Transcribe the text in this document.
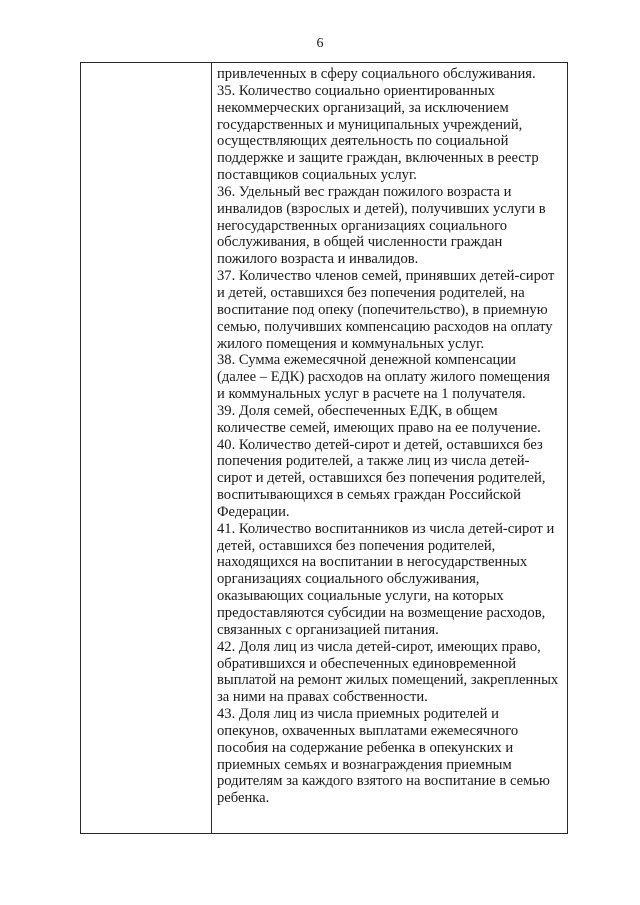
6
привлеченных в сферу социального обслуживания.
35. Количество социально ориентированных
некоммерческих организаций, за исключением
государственных и муниципальных учреждений,
осуществляющих деятельность по социальной
поддержке и защите граждан, включенных в реестр
поставщиков социальных услуг.
36. Удельный вес граждан пожилого возраста и
инвалидов (взрослых и детей), получивших услуги в
негосударственных организациях социального
обслуживания, в общей численности граждан
пожилого возраста и инвалидов.
37. Количество членов семей, принявших детей-сирот
и детей, оставшихся без попечения родителей, на
воспитание под опеку (попечительство), в приемную
семью, получивших компенсацию расходов на оплату
жилого помещения и коммунальных услуг.
38. Сумма ежемесячной денежной компенсации
(далее – ЕДК) расходов на оплату жилого помещения
и коммунальных услуг в расчете на 1 получателя.
39. Доля семей, обеспеченных ЕДК, в общем
количестве семей, имеющих право на ее получение.
40. Количество детей-сирот и детей, оставшихся без
попечения родителей, а также лиц из числа детей-
сирот и детей, оставшихся без попечения родителей,
воспитывающихся в семьях граждан Российской
Федерации.
41. Количество воспитанников из числа детей-сирот и
детей, оставшихся без попечения родителей,
находящихся на воспитании в негосударственных
организациях социального обслуживания,
оказывающих социальные услуги, на которых
предоставляются субсидии на возмещение расходов,
связанных с организацией питания.
42. Доля лиц из числа детей-сирот, имеющих право,
обратившихся и обеспеченных единовременной
выплатой на ремонт жилых помещений, закрепленных
за ними на правах собственности.
43. Доля лиц из числа приемных родителей и
опекунов, охваченных выплатами ежемесячного
пособия на содержание ребенка в опекунских и
приемных семьях и вознаграждения приемным
родителям за каждого взятого на воспитание в семью
ребенка.
